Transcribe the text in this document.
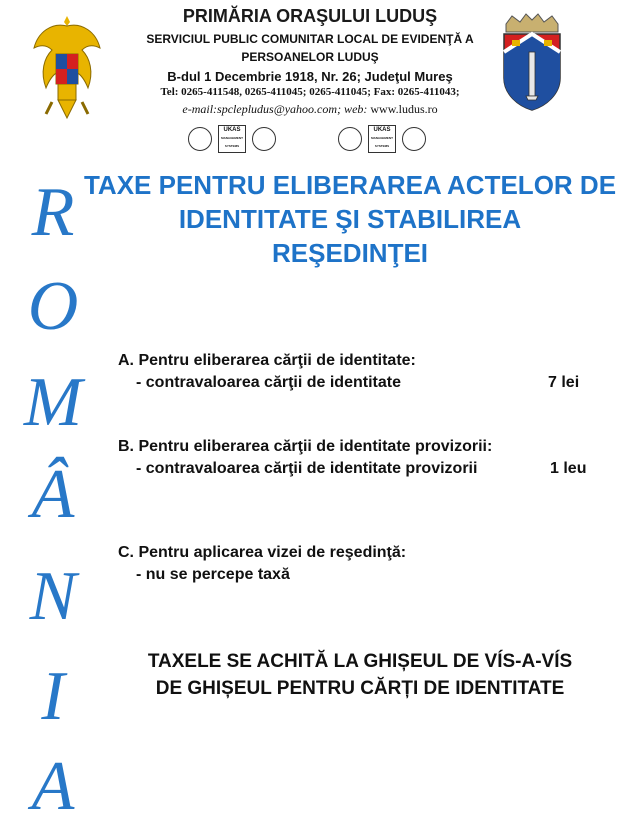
PRIMĂRIA ORAŞULUI LUDUŞ
SERVICIUL PUBLIC COMUNITAR LOCAL DE EVIDENŢĂ A
PERSOANELOR LUDUŞ
B-dul 1 Decembrie 1918, Nr. 26; Judeţul Mureş
Tel: 0265-411548, 0265-411045; 0265-411045; Fax: 0265-411043;
e-mail:spclepludus@yahoo.com; web: www.ludus.ro
UKAS
MANAGEMENT SYSTEMS
UKAS
MANAGEMENT SYSTEMS
TAXE PENTRU ELIBERAREA ACTELOR DE
IDENTITATE ŞI STABILIREA
REŞEDINŢEI
R
O
M
Â
N
I
A
A. Pentru eliberarea cărţii de identitate:
- contravaloarea cărţii de identitate	7 lei
B. Pentru eliberarea cărţii de identitate provizorii:
- contravaloarea cărţii de identitate provizorii	1 leu
C. Pentru aplicarea vizei de reşedinţă:
- nu se percepe taxă
TAXELE SE ACHITĂ LA GHIȘEUL DE VÍS-A-VÍS
DE GHIȘEUL PENTRU CĂRȚI DE IDENTITATE
